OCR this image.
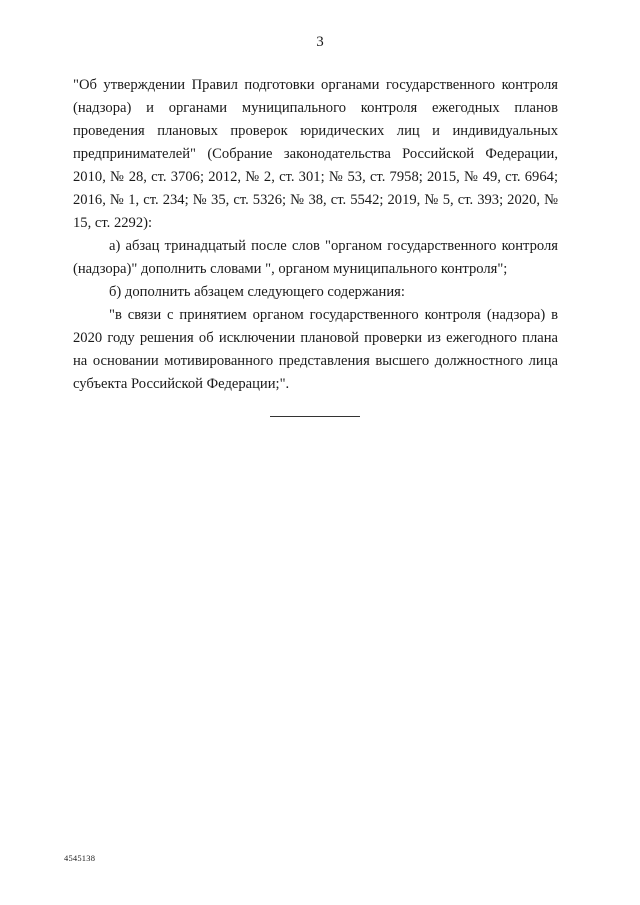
3

"Об утверждении Правил подготовки органами государственного контроля (надзора) и органами муниципального контроля ежегодных планов проведения плановых проверок юридических лиц и индивидуальных предпринимателей" (Собрание законодательства Российской Федерации, 2010, № 28, ст. 3706; 2012, № 2, ст. 301; № 53, ст. 7958; 2015, № 49, ст. 6964; 2016, № 1, ст. 234; № 35, ст. 5326; № 38, ст. 5542; 2019, № 5, ст. 393; 2020, № 15, ст. 2292):

а) абзац тринадцатый после слов "органом государственного контроля (надзора)" дополнить словами ", органом муниципального контроля";

б) дополнить абзацем следующего содержания:

"в связи с принятием органом государственного контроля (надзора) в 2020 году решения об исключении плановой проверки из ежегодного плана на основании мотивированного представления высшего должностного лица субъекта Российской Федерации;".

4545138
